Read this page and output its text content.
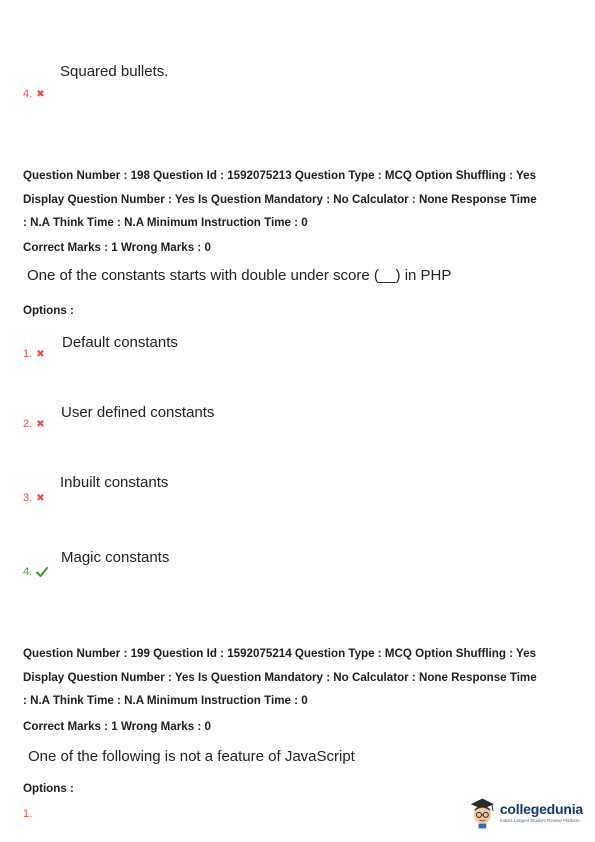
Squared bullets.
4. ✖

Question Number : 198 Question Id : 1592075213 Question Type : MCQ Option Shuffling : Yes

Display Question Number : Yes Is Question Mandatory : No Calculator : None Response Time

: N.A Think Time : N.A Minimum Instruction Time : 0

Correct Marks : 1 Wrong Marks : 0
One of the constants starts with double under score (__) in PHP
Options :
Default constants
1. ✖
User defined constants
2. ✖
Inbuilt constants
3. ✖
Magic constants
4.

Question Number : 199 Question Id : 1592075214 Question Type : MCQ Option Shuffling : Yes

Display Question Number : Yes Is Question Mandatory : No Calculator : None Response Time

: N.A Think Time : N.A Minimum Instruction Time : 0

Correct Marks : 1 Wrong Marks : 0
One of the following is not a feature of JavaScript
Options :
1.	collegedunia
India's Largest Student Review Platform
